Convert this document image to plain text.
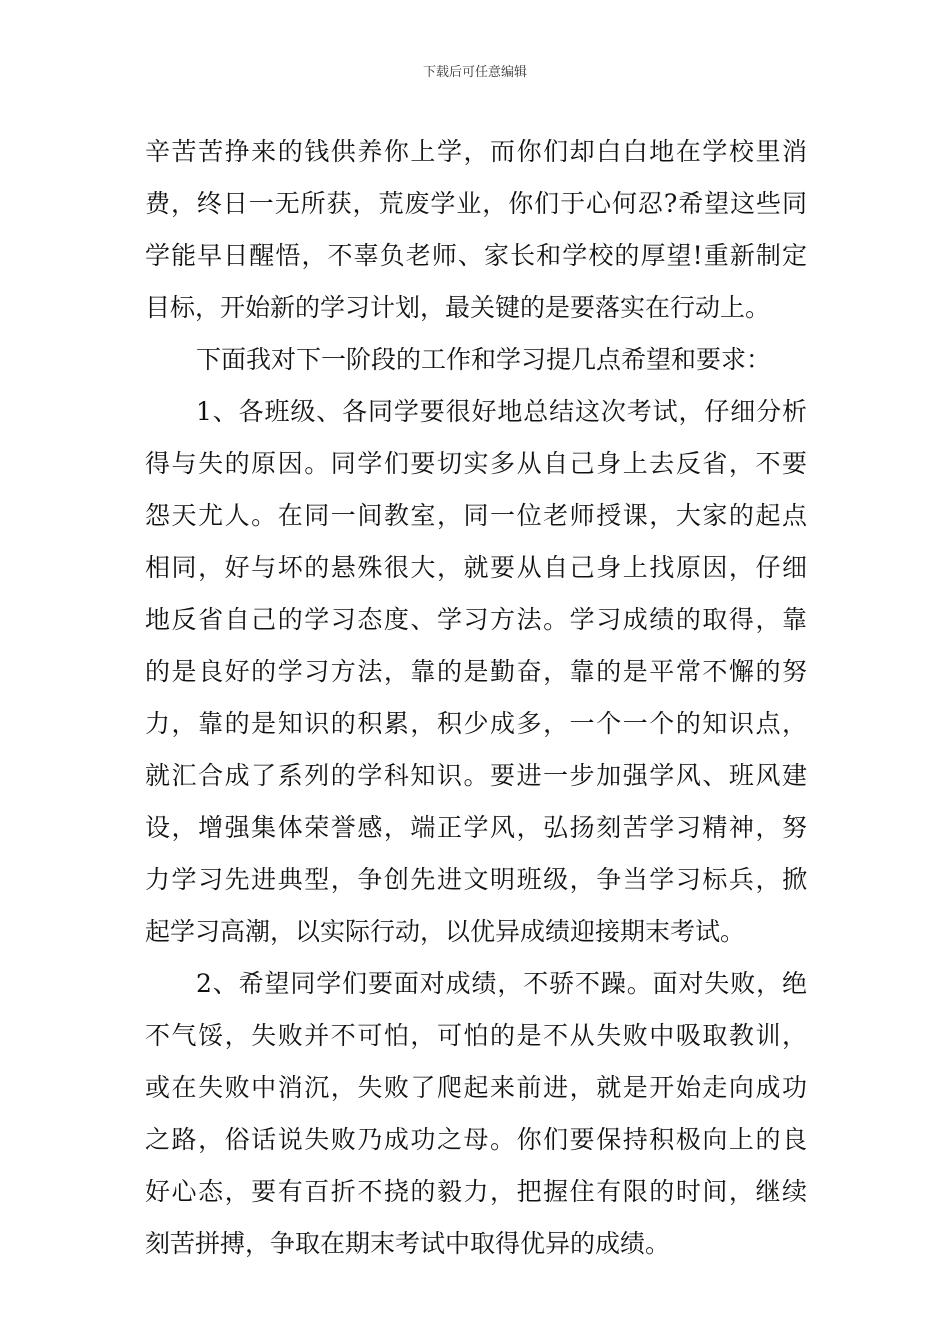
下载后可任意编辑
辛苦苦挣来的钱供养你上学，而你们却白白地在学校里消
费，终日一无所获，荒废学业，你们于心何忍?希望这些同
学能早日醒悟，不辜负老师、家长和学校的厚望!重新制定
目标，开始新的学习计划，最关键的是要落实在行动上。
下面我对下一阶段的工作和学习提几点希望和要求：
1、各班级、各同学要很好地总结这次考试，仔细分析
得与失的原因。同学们要切实多从自己身上去反省，不要
怨天尤人。在同一间教室，同一位老师授课，大家的起点
相同，好与坏的悬殊很大，就要从自己身上找原因，仔细
地反省自己的学习态度、学习方法。学习成绩的取得，靠
的是良好的学习方法，靠的是勤奋，靠的是平常不懈的努
力，靠的是知识的积累，积少成多，一个一个的知识点，
就汇合成了系列的学科知识。要进一步加强学风、班风建
设，增强集体荣誉感，端正学风，弘扬刻苦学习精神，努
力学习先进典型，争创先进文明班级，争当学习标兵，掀
起学习高潮，以实际行动，以优异成绩迎接期末考试。
2、希望同学们要面对成绩，不骄不躁。面对失败，绝
不气馁，失败并不可怕，可怕的是不从失败中吸取教训，
或在失败中消沉，失败了爬起来前进，就是开始走向成功
之路，俗话说失败乃成功之母。你们要保持积极向上的良
好心态，要有百折不挠的毅力，把握住有限的时间，继续
刻苦拼搏，争取在期末考试中取得优异的成绩。
